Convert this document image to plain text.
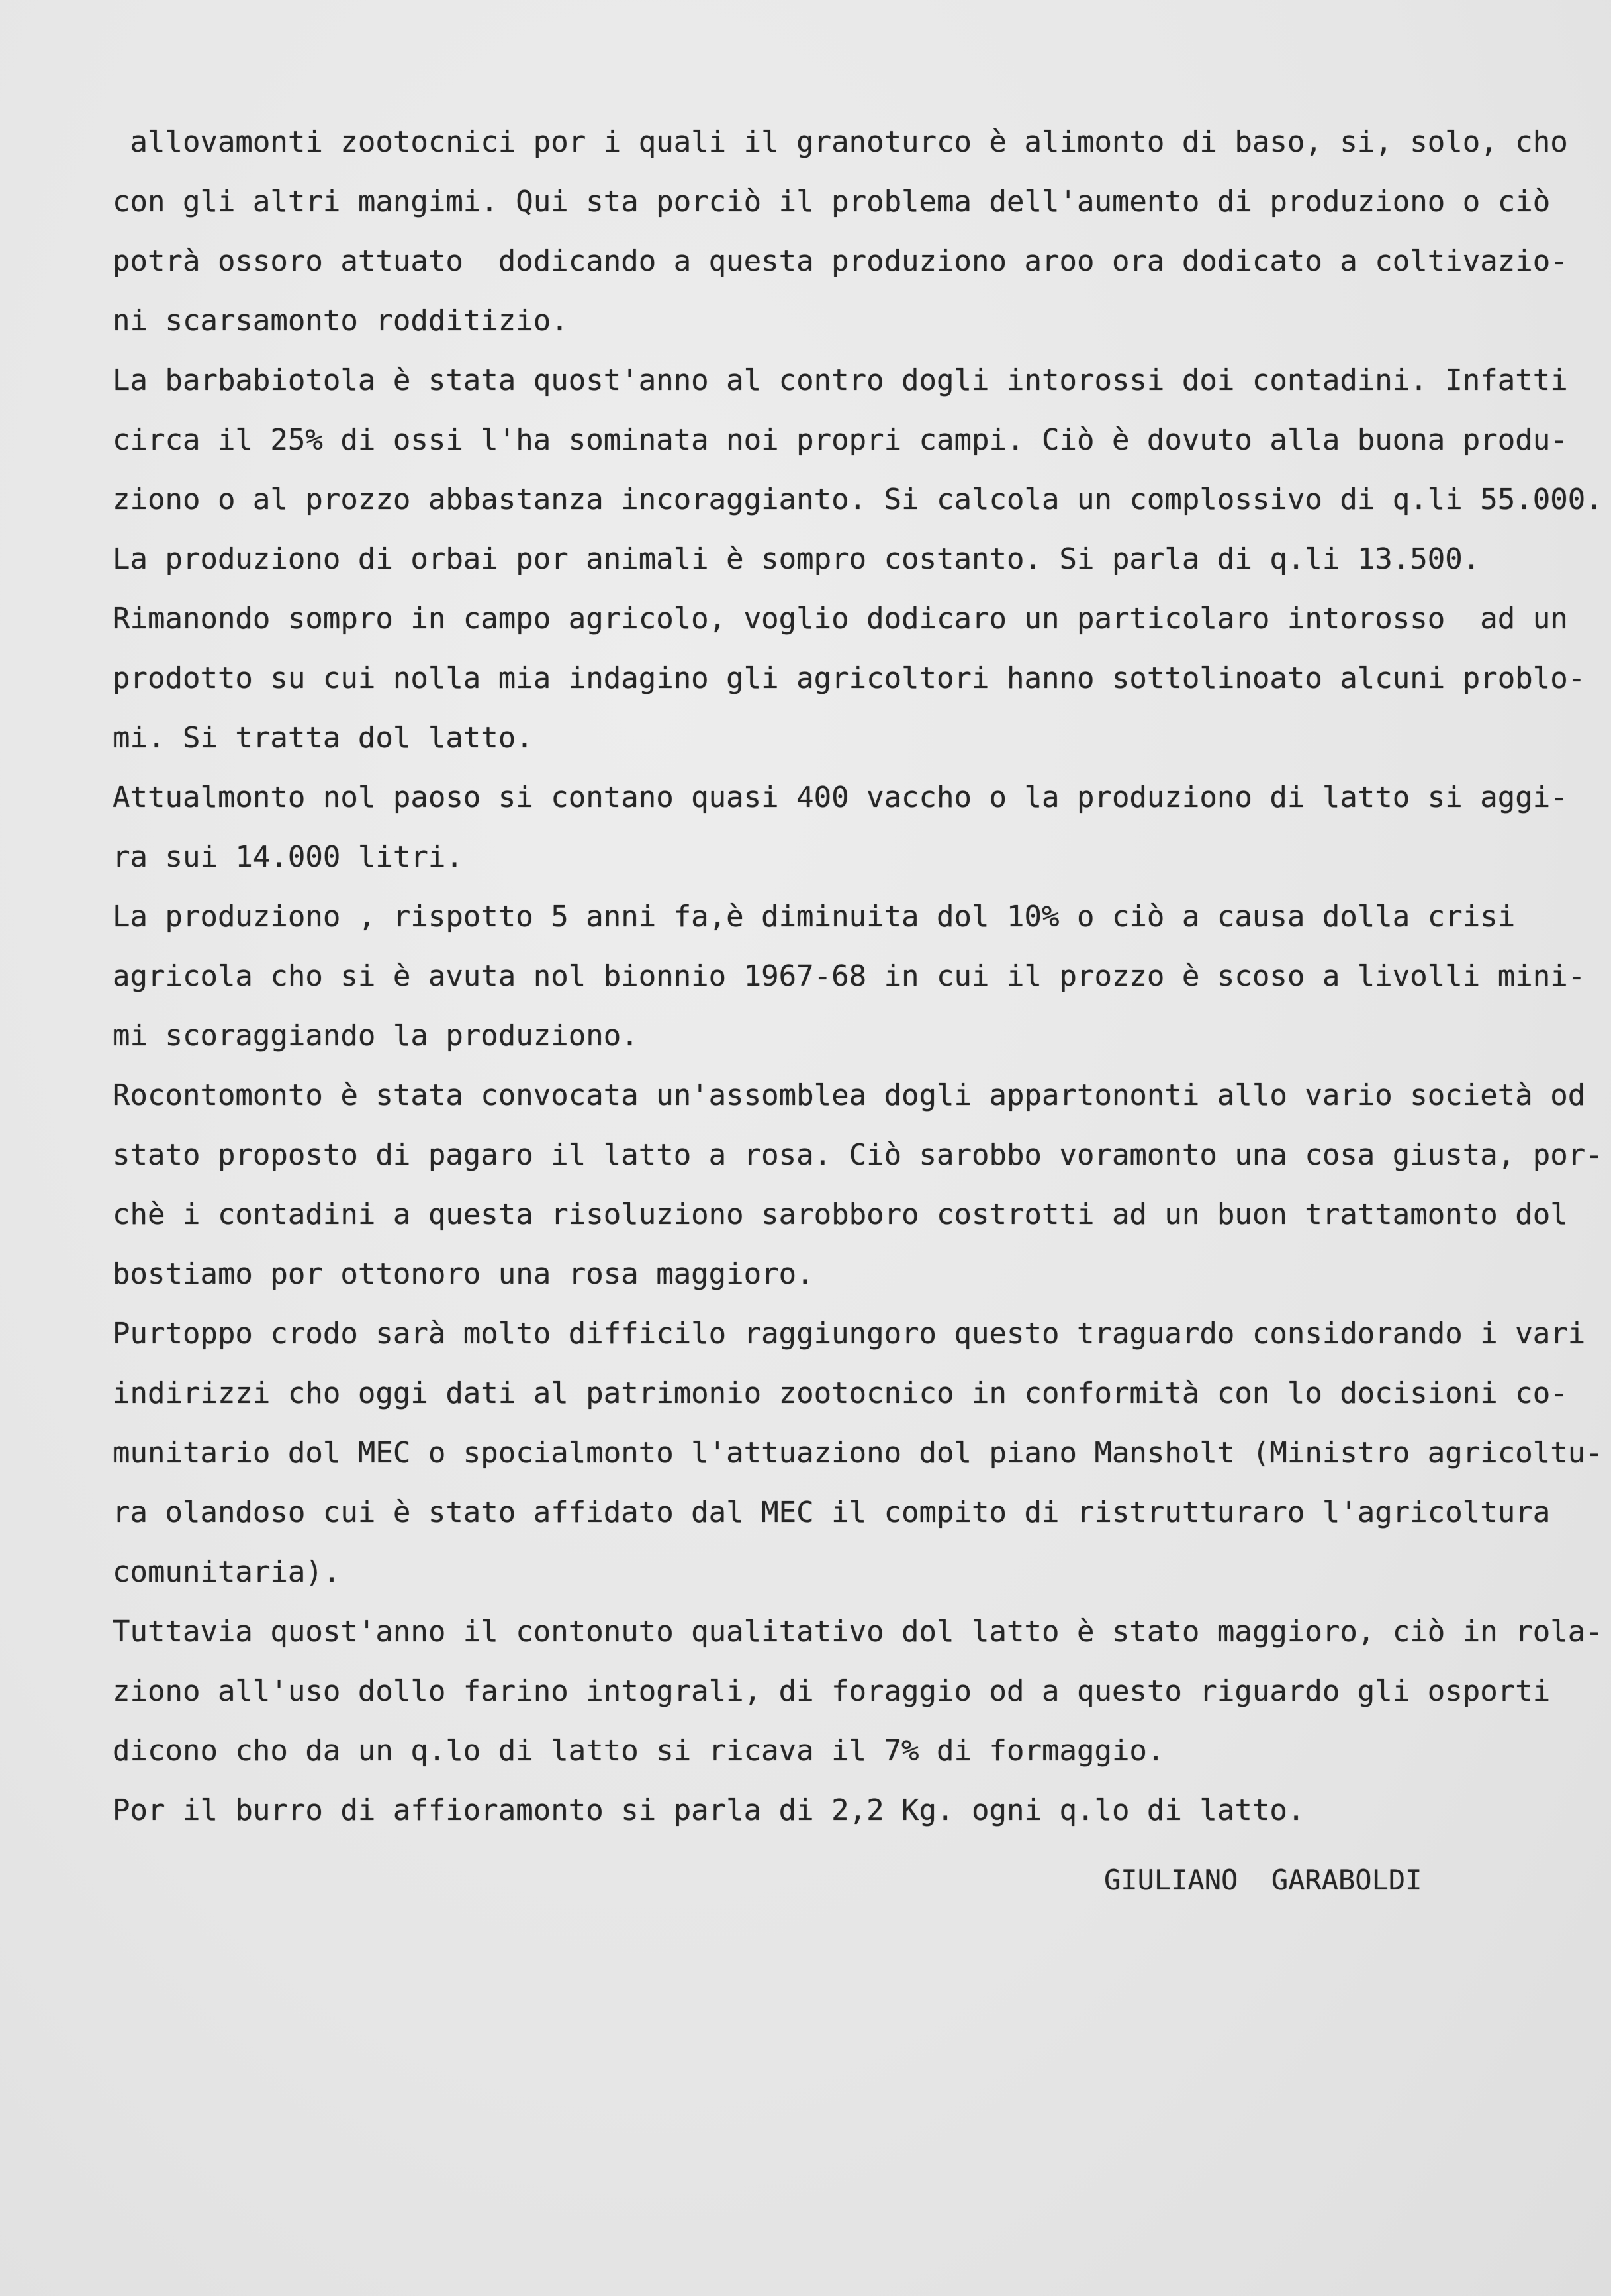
allovamonti zootocnici por i quali il granoturco è alimonto di baso, si, solo, cho
con gli altri mangimi. Qui sta porciò il problema dell'aumento di produziono o ciò
potrà ossoro attuato  dodicando a questa produziono aroo ora dodicato a coltivazio-
ni scarsamonto rodditizio.
La barbabiotola è stata quost'anno al contro dogli intorossi doi contadini. Infatti
circa il 25% di ossi l'ha sominata noi propri campi. Ciò è dovuto alla buona produ-
ziono o al prozzo abbastanza incoraggianto. Si calcola un complossivo di q.li 55.000.
La produziono di orbai por animali è sompro costanto. Si parla di q.li 13.500.
Rimanondo sompro in campo agricolo, voglio dodicaro un particolaro intorosso  ad un
prodotto su cui nolla mia indagino gli agricoltori hanno sottolinoato alcuni problo-
mi. Si tratta dol latto.
Attualmonto nol paoso si contano quasi 400 vaccho o la produziono di latto si aggi-
ra sui 14.000 litri.
La produziono , rispotto 5 anni fa,è diminuita dol 10% o ciò a causa dolla crisi
agricola cho si è avuta nol bionnio 1967-68 in cui il prozzo è scoso a livolli mini-
mi scoraggiando la produziono.
Rocontomonto è stata convocata un'assomblea dogli appartononti allo vario società od
stato proposto di pagaro il latto a rosa. Ciò sarobbo voramonto una cosa giusta, por-
chè i contadini a questa risoluziono sarobboro costrotti ad un buon trattamonto dol
bostiamo por ottonoro una rosa maggioro.
Purtoppo crodo sarà molto difficilo raggiungoro questo traguardo considorando i vari
indirizzi cho oggi dati al patrimonio zootocnico in conformità con lo docisioni co-
munitario dol MEC o spocialmonto l'attuaziono dol piano Mansholt (Ministro agricoltu-
ra olandoso cui è stato affidato dal MEC il compito di ristrutturaro l'agricoltura
comunitaria).
Tuttavia quost'anno il contonuto qualitativo dol latto è stato maggioro, ciò in rola-
ziono all'uso dollo farino intograli, di foraggio od a questo riguardo gli osporti
dicono cho da un q.lo di latto si ricava il 7% di formaggio.
Por il burro di affioramonto si parla di 2,2 Kg. ogni q.lo di latto.
GIULIANO  GARABOLDI
